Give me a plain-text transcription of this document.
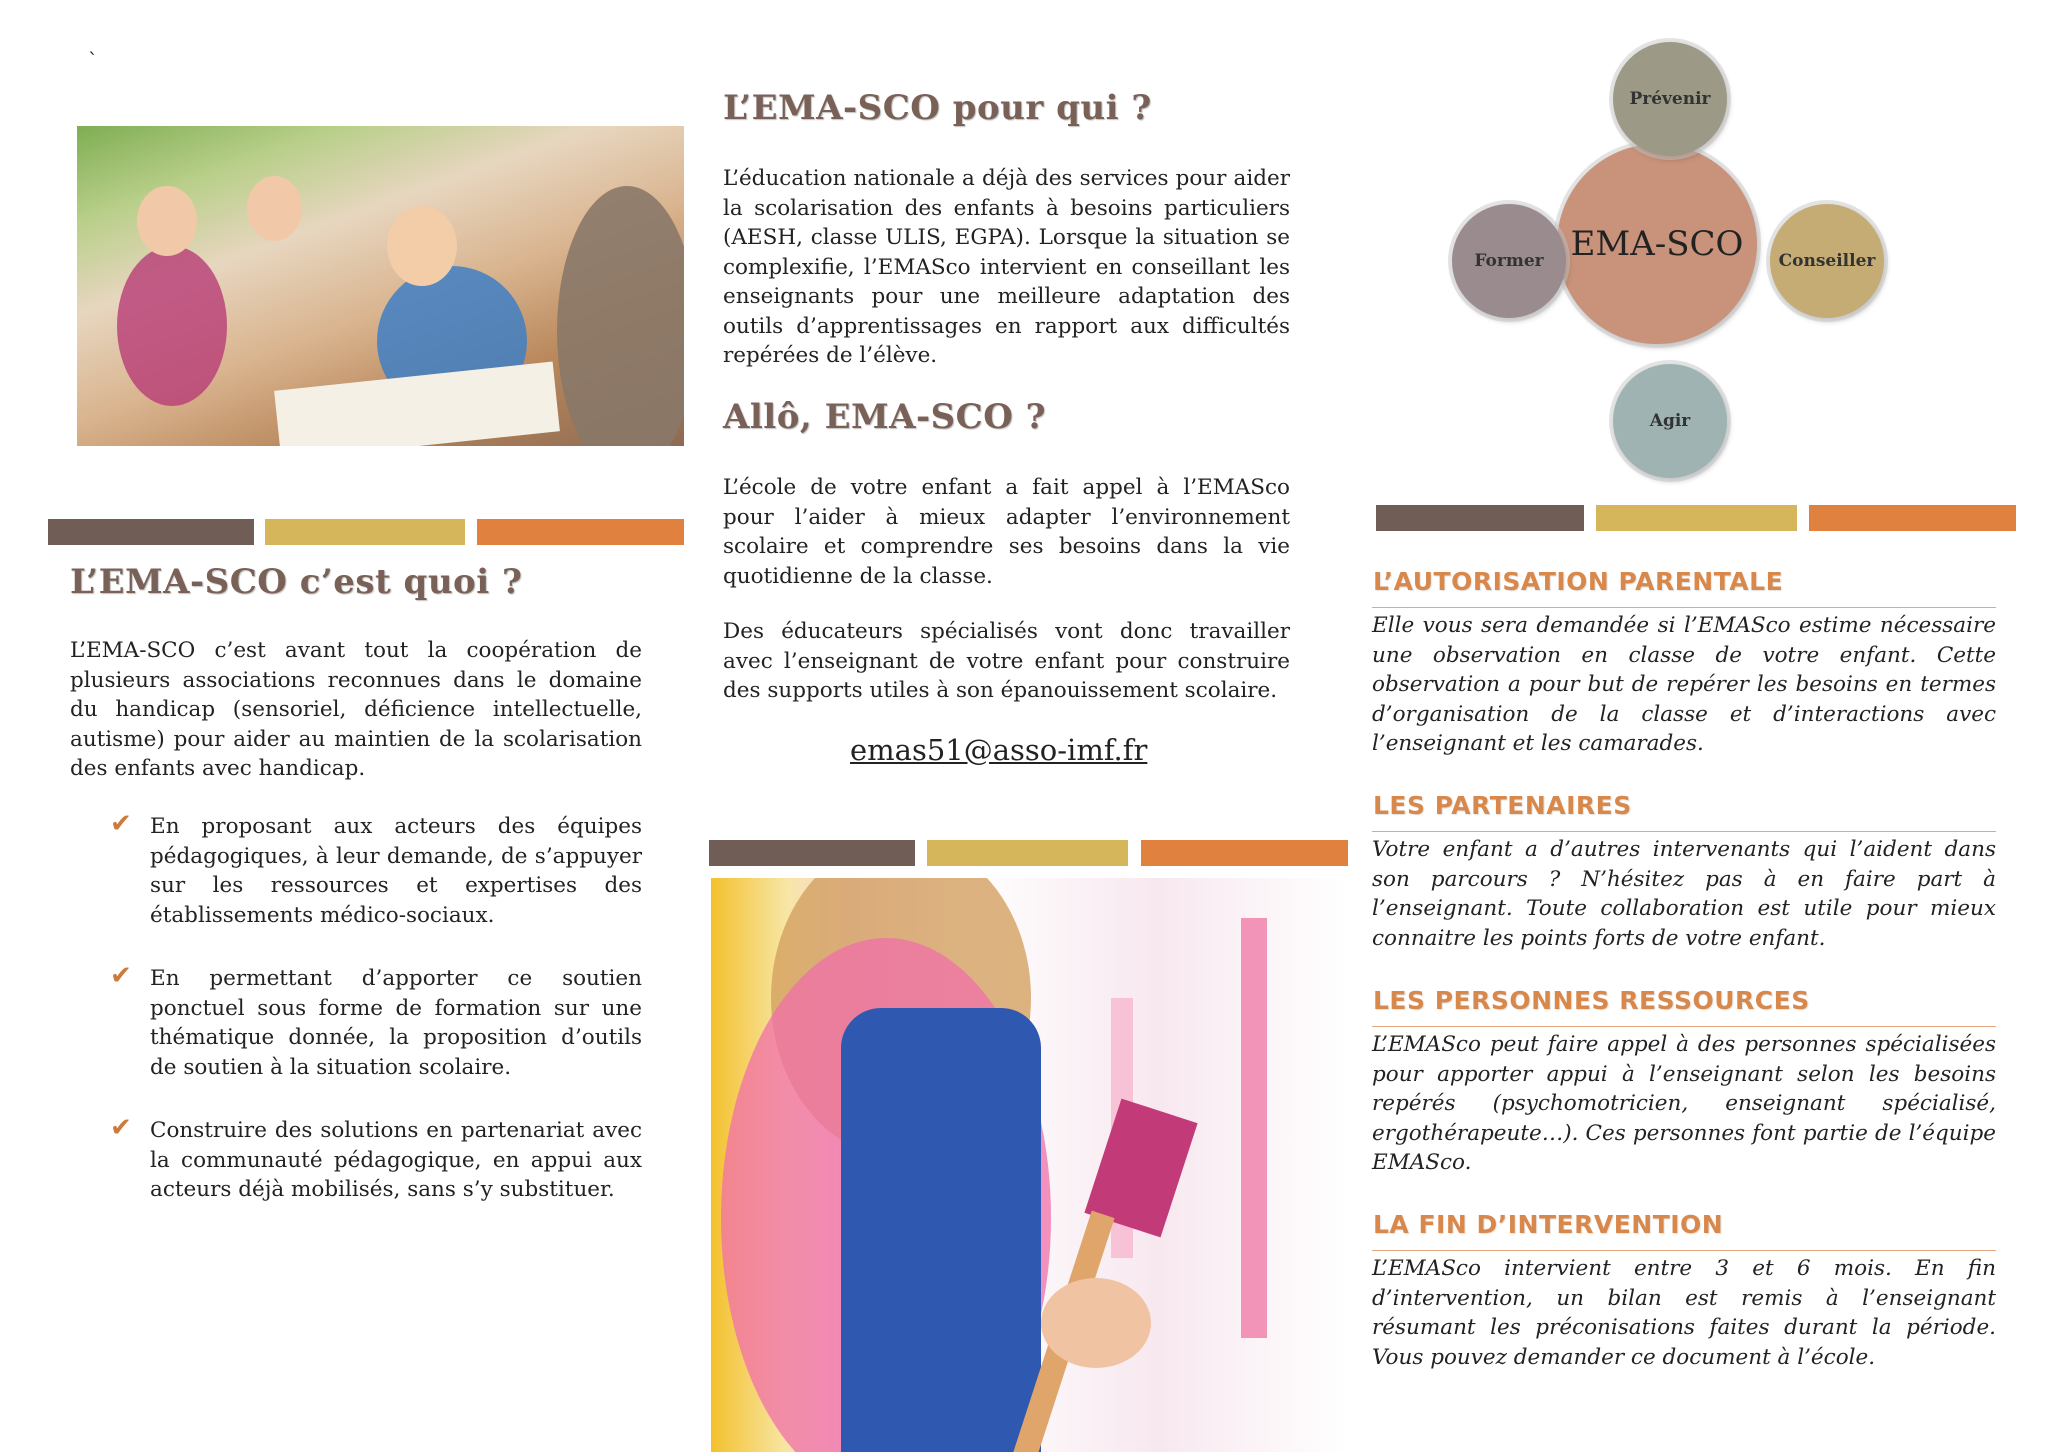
`
L’EMA-SCO c’est quoi ?

L’EMA-SCO c’est avant tout la coopération de plusieurs associations reconnues dans le domaine du handicap (sensoriel, déficience intellectuelle, autisme) pour aider au maintien de la scolarisation des enfants avec handicap.

✔ En proposant aux acteurs des équipes pédagogiques, à leur demande, de s’appuyer sur les ressources et expertises des établissements médico-sociaux.
✔ En permettant d’apporter ce soutien ponctuel sous forme de formation sur une thématique donnée, la proposition d’outils de soutien à la situation scolaire.
✔ Construire des solutions en partenariat avec la communauté pédagogique, en appui aux acteurs déjà mobilisés, sans s’y substituer.
L’EMA-SCO pour qui ?

L’éducation nationale a déjà des services pour aider la scolarisation des enfants à besoins particuliers (AESH, classe ULIS, EGPA). Lorsque la situation se complexifie, l’EMASco intervient en conseillant les enseignants pour une meilleure adaptation des outils d’apprentissages en rapport aux difficultés repérées de l’élève.

Allô, EMA-SCO ?

L’école de votre enfant a fait appel à l’EMASco pour l’aider à mieux adapter l’environnement scolaire et comprendre ses besoins dans la vie quotidienne de la classe.

Des éducateurs spécialisés vont donc travailler avec l’enseignant de votre enfant pour construire des supports utiles à son épanouissement scolaire.

emas51@asso-imf.fr
EMA-SCO
Prévenir
Former	Conseiller
Agir
L’AUTORISATION PARENTALE

Elle vous sera demandée si l’EMASco estime nécessaire une observation en classe de votre enfant. Cette observation a pour but de repérer les besoins en termes d’organisation de la classe et d’interactions avec l’enseignant et les camarades.

LES PARTENAIRES

Votre enfant a d’autres intervenants qui l’aident dans son parcours ? N’hésitez pas à en faire part à l’enseignant. Toute collaboration est utile pour mieux connaitre les points forts de votre enfant.

LES PERSONNES RESSOURCES

L’EMASco peut faire appel à des personnes spécialisées pour apporter appui à l’enseignant selon les besoins repérés (psychomotricien, enseignant spécialisé, ergothérapeute…). Ces personnes font partie de l’équipe EMASco.

LA FIN D’INTERVENTION

L’EMASco intervient entre 3 et 6 mois. En fin d’intervention, un bilan est remis à l’enseignant résumant les préconisations faites durant la période. Vous pouvez demander ce document à l’école.
